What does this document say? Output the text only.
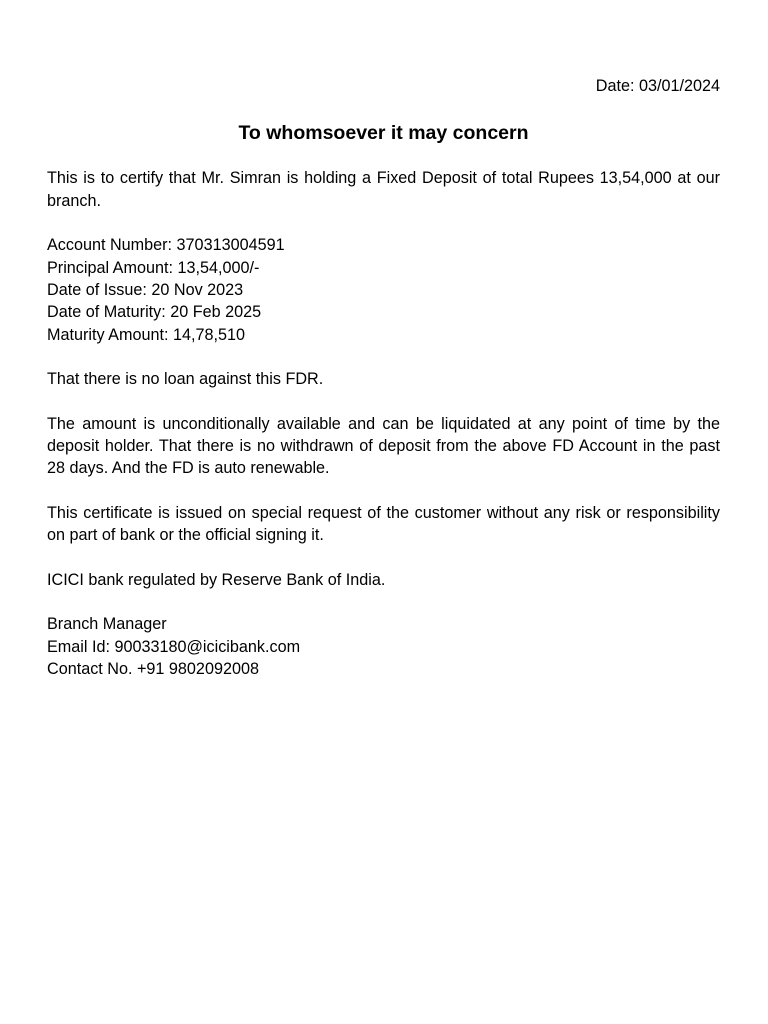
Date: 03/01/2024

To whomsoever it may concern

This is to certify that Mr. Simran is holding a Fixed Deposit of total Rupees 13,54,000 at our branch.

Account Number: 370313004591
Principal Amount: 13,54,000/-
Date of Issue: 20 Nov 2023
Date of Maturity: 20 Feb 2025
Maturity Amount: 14,78,510

That there is no loan against this FDR.

The amount is unconditionally available and can be liquidated at any point of time by the deposit holder. That there is no withdrawn of deposit from the above FD Account in the past 28 days. And the FD is auto renewable.

This certificate is issued on special request of the customer without any risk or responsibility on part of bank or the official signing it.

ICICI bank regulated by Reserve Bank of India.

Branch Manager
Email Id: 90033180@icicibank.com
Contact No. +91 9802092008
